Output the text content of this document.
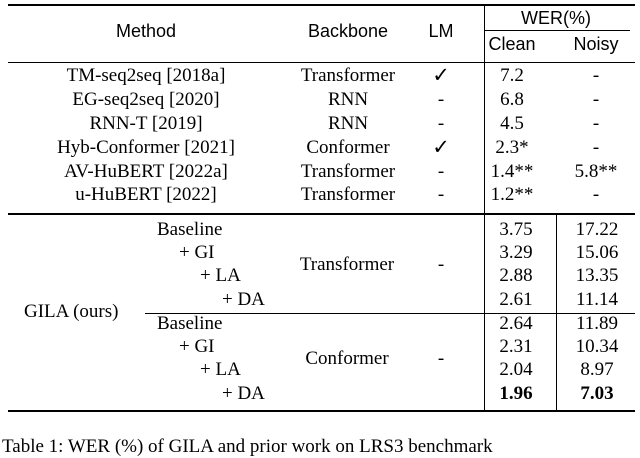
Method	Backbone LM
WER(%)
Clean Noisy
TM-seq2seq [2018a]	Transformer ✓	7.2	-
EG-seq2seq [2020]	RNN	-	6.8	-
RNN-T [2019]	RNN	-	4.5	-
Hyb-Conformer [2021]	Conformer ✓ 2.3*	-
AV-HuBERT [2022a]	Transformer - 1.4** 5.8**
u-HuBERT [2022]	Transformer - 1.2**	-
GILA (ours)
Transformer -
Baseline	3.75 17.22
+ GI	3.29 15.06
+ LA	2.88 13.35
+ DA	2.61 11.14
Conformer	-
Baseline	2.64 11.89
+ GI	2.31 10.34
+ LA	2.04	8.97
+ DA	1.96	7.03
Table 1: WER (%) of GILA and prior work on LRS3 benchmark
